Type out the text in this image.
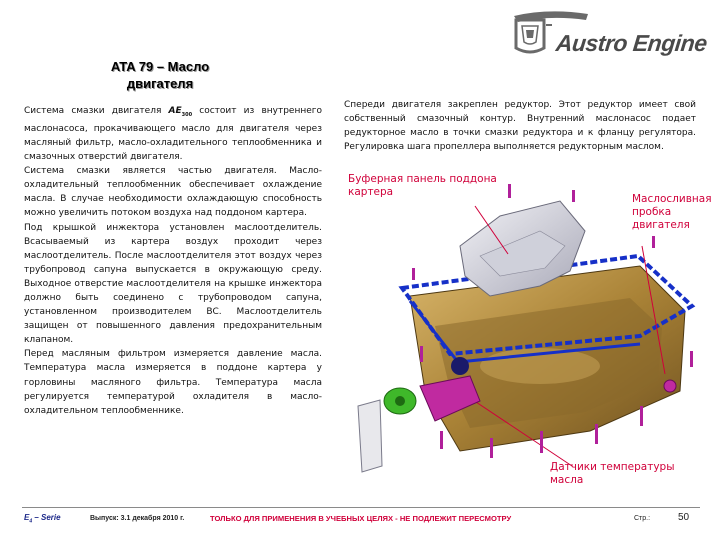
Austro Engine
ATA 79 – Масло
двигателя

Система смазки двигателя $AE_{300}$ состоит из внутреннего маслонасоса, прокачивающего масло для двигателя через масляный фильтр, масло-охладительного теплообменника и смазочных отверстий двигателя.

Система смазки является частью двигателя. Масло-охладительный теплообменник обеспечивает охлаждение масла. В случае необходимости охлаждающую способность можно увеличить потоком воздуха над поддоном картера.

Под крышкой инжектора установлен маслоотделитель. Всасываемый из картера воздух проходит через маслоотделитель. После маслоотделителя этот воздух через трубопровод сапуна выпускается в окружающую среду. Выходное отверстие маслоотделителя на крышке инжектора должно быть соединено с трубопроводом сапуна, установленном производителем ВС. Маслоотделитель защищен от повышенного давления предохранительным клапаном.

Перед масляным фильтром измеряется давление масла. Температура масла измеряется в поддоне картера у горловины масляного фильтра. Температура масла регулируется температурой охладителя в масло-охладительном теплообменнике.

Спереди двигателя закреплен редуктор. Этот редуктор имеет свой собственный смазочный контур. Внутренний маслонасос подает редукторное масло в точки смазки редуктора и к фланцу регулятора. Регулировка шага пропеллера выполняется редукторным маслом.
Буферная панель поддона картера
Маслосливная пробка двигателя
Датчики температуры масла
$E_4$ – Serie	Выпуск: 3.1 декабря 2010 г.	ТОЛЬКО ДЛЯ ПРИМЕНЕНИЯ В УЧЕБНЫХ ЦЕЛЯХ - НЕ ПОДЛЕЖИТ ПЕРЕСМОТРУ	Стр.:	50
